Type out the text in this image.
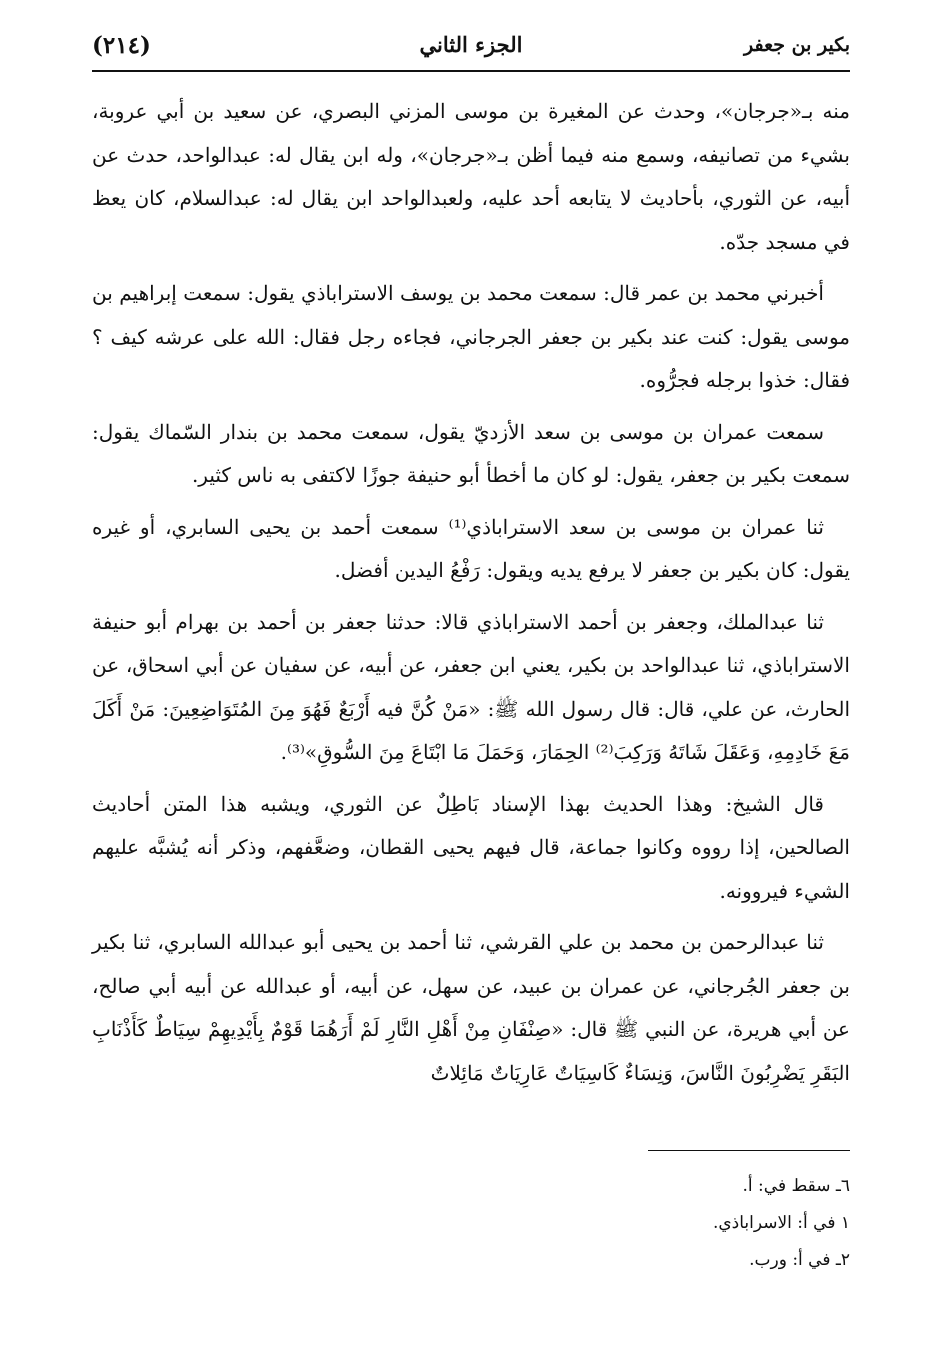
بكير بن جعفر
الجزء الثاني
(٢١٤)

منه بـ«جرجان»، وحدث عن المغيرة بن موسى المزني البصري، عن سعيد بن أبي عروبة، بشيء من تصانيفه، وسمع منه فيما أظن بـ«جرجان»، وله ابن يقال له: عبدالواحد، حدث عن أبيه، عن الثوري، بأحاديث لا يتابعه أحد عليه، ولعبدالواحد ابن يقال له: عبدالسلام، كان يعظ في مسجد جدّه.

أخبرني محمد بن عمر قال: سمعت محمد بن يوسف الاستراباذي يقول: سمعت إبراهيم بن موسى يقول: كنت عند بكير بن جعفر الجرجاني، فجاءه رجل فقال: الله على عرشه كيف ؟ فقال: خذوا برجله فجرُّوه.

سمعت عمران بن موسى بن سعد الأزديّ يقول، سمعت محمد بن بندار السّماك يقول: سمعت بكير بن جعفر، يقول: لو كان ما أخطأ أبو حنيفة جوزًا لاكتفى به ناس كثير.

ثنا عمران بن موسى بن سعد الاستراباذي⁽¹⁾ سمعت أحمد بن يحيى السابري، أو غيره يقول: كان بكير بن جعفر لا يرفع يديه ويقول: رَفْعُ اليدين أفضل.

ثنا عبدالملك، وجعفر بن أحمد الاستراباذي قالا: حدثنا جعفر بن أحمد بن بهرام أبو حنيفة الاستراباذي، ثنا عبدالواحد بن بكير، يعني ابن جعفر، عن أبيه، عن سفيان عن أبي اسحاق، عن الحارث، عن علي، قال: قال رسول الله ﷺ: «مَنْ كُنَّ فيه أَرْبَعٌ فَهُوَ مِنَ المُتَوَاضِعِينَ: مَنْ أَكَلَ مَعَ خَادِمِهِ، وَعَقَلَ شَاتَهُ وَرَكِبَ⁽²⁾ الحِمَارَ، وَحَمَلَ مَا ابْتَاعَ مِنَ السُّوقِ»⁽³⁾.

قال الشيخ: وهذا الحديث بهذا الإسناد بَاطِلٌ عن الثوري، ويشبه هذا المتن أحاديث الصالحين، إذا رووه وكانوا جماعة، قال فيهم يحيى القطان، وضعَّفهم، وذكر أنه يُشبَّه عليهم الشيء فيروونه.

ثنا عبدالرحمن بن محمد بن علي القرشي، ثنا أحمد بن يحيى أبو عبدالله السابري، ثنا بكير بن جعفر الجُرجاني، عن عمران بن عبيد، عن سهل، عن أبيه، أو عبدالله عن أبيه أبي صالح، عن أبي هريرة، عن النبي ﷺ قال: «صِنْفَانِ مِنْ أَهْلِ النَّارِ لَمْ أَرَهُمَا قَوْمٌ بِأَيْدِيهِمْ سِيَاطٌ كَأَذْنَابِ البَقَرِ يَضْرِبُونَ النَّاسَ، وَنِسَاءٌ كَاسِيَاتٌ عَارِيَاتٌ مَائِلاتٌ

٦ـ سقط في: أ.
١ في أ: الاسراباذي.
٢ـ في أ: ورب.
